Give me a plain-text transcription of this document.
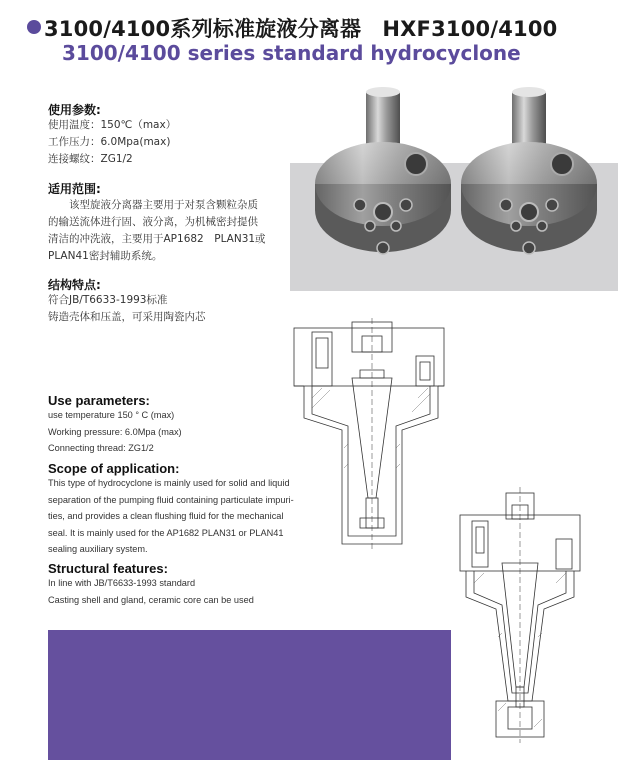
3100/4100系列标准旋液分离器　HXF3100/4100
3100/4100 series standard hydrocyclone
使用参数:
使用温度：150℃（max）
工作压力：6.0Mpa(max)
连接螺纹：ZG1/2
适用范围:
　　该型旋液分离器主要用于对泵含颗粒杂质
的输送流体进行固、液分离，为机械密封提供
清洁的冲洗液，主要用于AP1682　PLAN31或
PLAN41密封辅助系统。
结构特点:
符合JB/T6633-1993标准
铸造壳体和压盖，可采用陶瓷内芯
Use parameters:
use temperature 150 ° C (max)
Working pressure: 6.0Mpa (max)
Connecting thread: ZG1/2
Scope of application:
This type of hydrocyclone is mainly used for solid and liquid
separation of the pumping fluid containing particulate impuri-
ties, and provides a clean flushing fluid for the mechanical
seal. It is mainly used for the AP1682 PLAN31 or PLAN41
sealing auxiliary system.
Structural features:
In line with JB/T6633-1993 standard
Casting shell and gland, ceramic core can be used
